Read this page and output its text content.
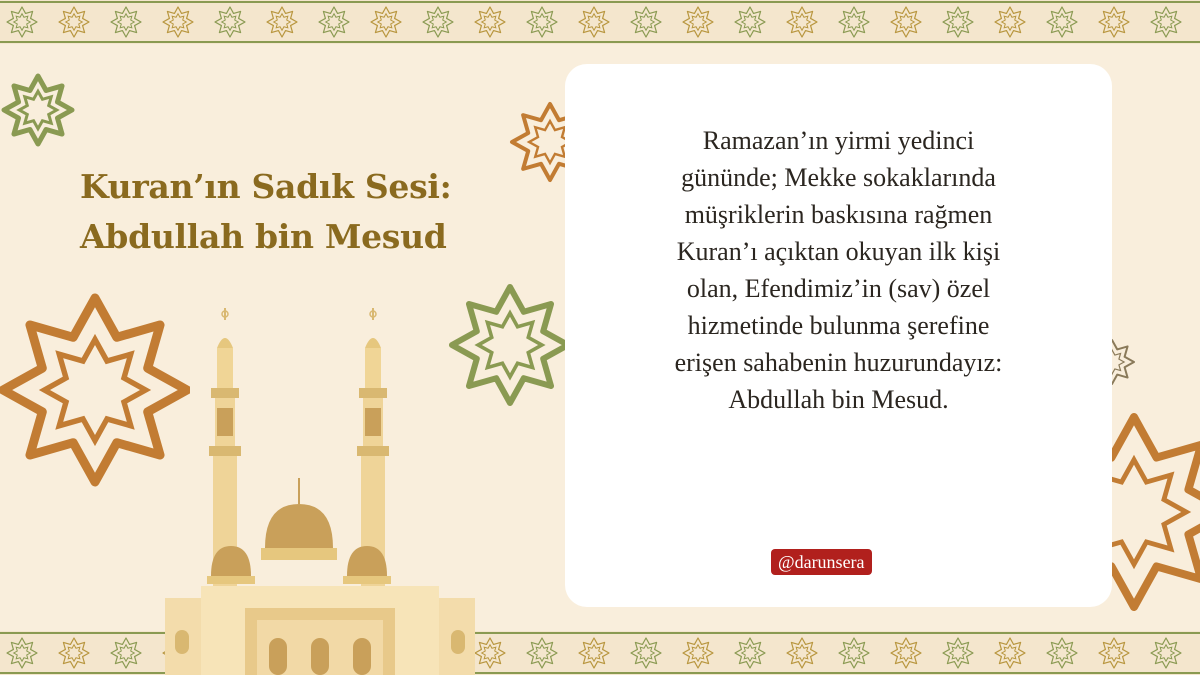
Kuran’ın Sadık Sesi:
Abdullah bin Mesud
Ramazan’ın yirmi yedinci
gününde; Mekke sokaklarında
müşriklerin baskısına rağmen
Kuran’ı açıktan okuyan ilk kişi
olan, Efendimiz’in (sav) özel
hizmetinde bulunma şerefine
erişen sahabenin huzurundayız:
Abdullah bin Mesud.
@darunsera
